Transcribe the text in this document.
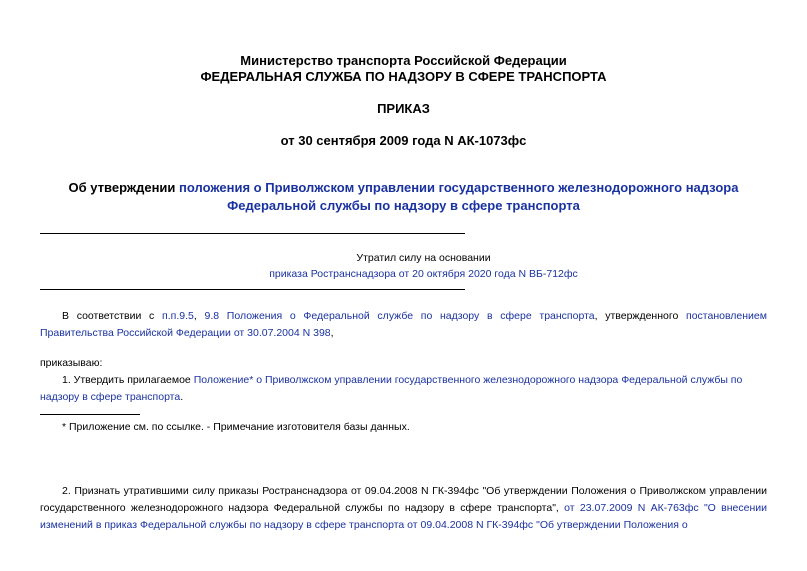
Министерство транспорта Российской Федерации
ФЕДЕРАЛЬНАЯ СЛУЖБА ПО НАДЗОРУ В СФЕРЕ ТРАНСПОРТА
ПРИКАЗ
от 30 сентября 2009 года N АК-1073фс
Об утверждении положения о Приволжском управлении государственного железнодорожного надзора Федеральной службы по надзору в сфере транспорта
Утратил силу на основании
приказа Ространснадзора от 20 октября 2020 года N ВБ-712фс
В соответствии с п.п.9.5, 9.8 Положения о Федеральной службе по надзору в сфере транспорта, утвержденного постановлением Правительства Российской Федерации от 30.07.2004 N 398,
приказываю:
1. Утвердить прилагаемое Положение* о Приволжском управлении государственного железнодорожного надзора Федеральной службы по надзору в сфере транспорта.
* Приложение см. по ссылке. - Примечание изготовителя базы данных.
2. Признать утратившими силу приказы Ространснадзора от 09.04.2008 N ГК-394фс "Об утверждении Положения о Приволжском управлении государственного железнодорожного надзора Федеральной службы по надзору в сфере транспорта", от 23.07.2009 N АК-763фс "О внесении изменений в приказ Федеральной службы по надзору в сфере транспорта от 09.04.2008 N ГК-394фс "Об утверждении Положения о
